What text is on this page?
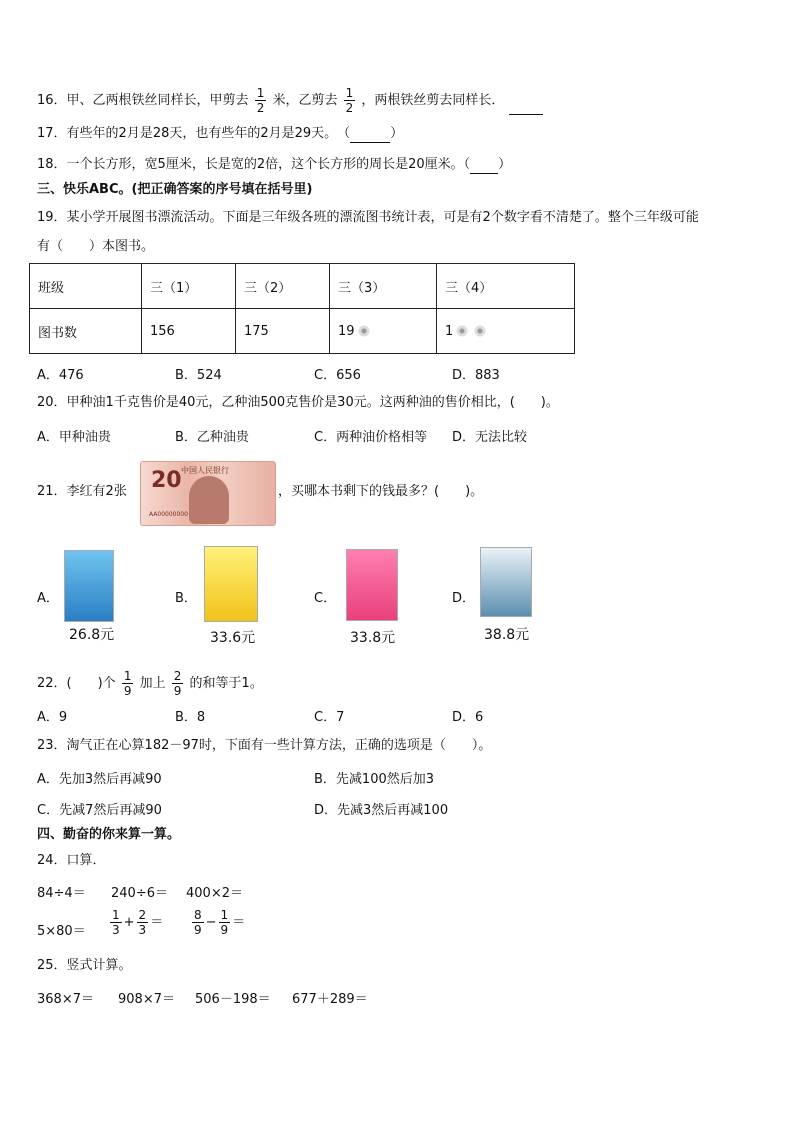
16．甲、乙两根铁丝同样长，甲剪去 $\frac{1}{2}$ 米，乙剪去 $\frac{1}{2}$ ，两根铁丝剪去同样长．
17．有些年的2月是28天，也有些年的2月是29天。　（	）
18．一个长方形，宽5厘米，长是宽的2倍，这个长方形的周长是20厘米。（ ）
三、快乐ABC。(把正确答案的序号填在括号里)
19．某小学开展图书漂流活动。下面是三年级各班的漂流图书统计表，可是有2个数字看不清楚了。整个三年级可能
有（　　）本图书。
班级	三（1）	三（2）	三（3）	三（4）
图书数	156	175	19	1
A．476	B．524	C．656	D．883
20．甲种油1千克售价是40元，乙种油500克售价是30元。这两种油的售价相比，(　　)。
A．甲种油贵	B．乙种油贵	C．两种油价格相等 D．无法比较
21．李红有2张
中国人民银行
20
AA00000000
，买哪本书剩下的钱最多？(　　)。
A．
26.8元
B．
33.6元
C．
33.8元
D．
38.8元
22．(　　)个 $\frac{1}{9}$ 加上 $\frac{2}{9}$ 的和等于1。
A．9	B．8	C．7	D．6
23．淘气正在心算182－97时，下面有一些计算方法，正确的选项是（　　）。
A．先加3然后再减90	B．先减100然后加3
C．先减7然后再减90	D．先减3然后再减100
四、勤奋的你来算一算。
24．口算．
84÷4＝ 240÷6＝ 400×2＝
$5\times 80= \frac{1}{3} + \frac{2}{3} = \frac{8}{9} - \frac{1}{9}$ ＝
25．竖式计算。
368×7＝ 908×7＝ 506－198＝ 677＋289＝
